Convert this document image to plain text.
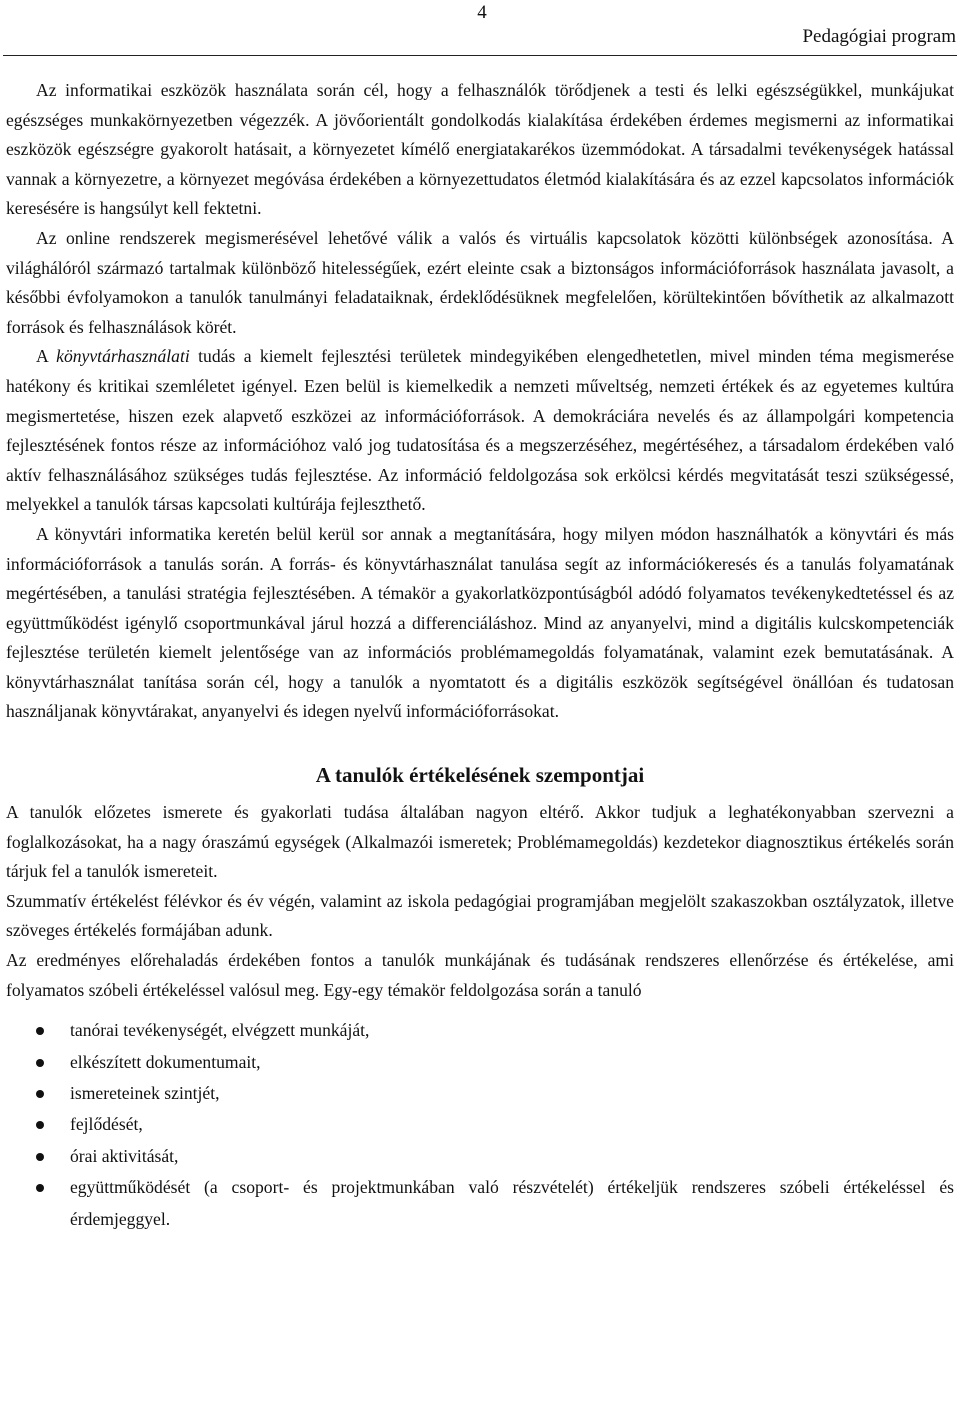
4
Pedagógiai program

Az informatikai eszközök használata során cél, hogy a felhasználók törődjenek a testi és lelki egészségükkel, munkájukat egészséges munkakörnyezetben végezzék. A jövőorientált gondolkodás kialakítása érdekében érdemes megismerni az informatikai eszközök egészségre gyakorolt hatásait, a környezetet kímélő energiatakarékos üzemmódokat. A társadalmi tevékenységek hatással vannak a környezetre, a környezet megóvása érdekében a környezettudatos életmód kialakítására és az ezzel kapcsolatos információk keresésére is hangsúlyt kell fektetni.

Az online rendszerek megismerésével lehetővé válik a valós és virtuális kapcsolatok közötti különbségek azonosítása. A világhálóról származó tartalmak különböző hitelességűek, ezért eleinte csak a biztonságos információforrások használata javasolt, a későbbi évfolyamokon a tanulók tanulmányi feladataiknak, érdeklődésüknek megfelelően, körültekintően bővíthetik az alkalmazott források és felhasználások körét.

A könyvtárhasználati tudás a kiemelt fejlesztési területek mindegyikében elengedhetetlen, mivel minden téma megismerése hatékony és kritikai szemléletet igényel. Ezen belül is kiemelkedik a nemzeti műveltség, nemzeti értékek és az egyetemes kultúra megismertetése, hiszen ezek alapvető eszközei az információforrások. A demokráciára nevelés és az állampolgári kompetencia fejlesztésének fontos része az információhoz való jog tudatosítása és a megszerzéséhez, megértéséhez, a társadalom érdekében való aktív felhasználásához szükséges tudás fejlesztése. Az információ feldolgozása sok erkölcsi kérdés megvitatását teszi szükségessé, melyekkel a tanulók társas kapcsolati kultúrája fejleszthető.

A könyvtári informatika keretén belül kerül sor annak a megtanítására, hogy milyen módon használhatók a könyvtári és más információforrások a tanulás során. A forrás- és könyvtárhasználat tanulása segít az információkeresés és a tanulás folyamatának megértésében, a tanulási stratégia fejlesztésében. A témakör a gyakorlatközpontúságból adódó folyamatos tevékenykedtetéssel és az együttműködést igénylő csoportmunkával járul hozzá a differenciáláshoz. Mind az anyanyelvi, mind a digitális kulcskompetenciák fejlesztése területén kiemelt jelentősége van az információs problémamegoldás folyamatának, valamint ezek bemutatásának. A könyvtárhasználat tanítása során cél, hogy a tanulók a nyomtatott és a digitális eszközök segítségével önállóan és tudatosan használjanak könyvtárakat, anyanyelvi és idegen nyelvű információforrásokat.

A tanulók értékelésének szempontjai

A tanulók előzetes ismerete és gyakorlati tudása általában nagyon eltérő. Akkor tudjuk a leghatékonyabban szervezni a foglalkozásokat, ha a nagy óraszámú egységek (Alkalmazói ismeretek; Problémamegoldás) kezdetekor diagnosztikus értékelés során tárjuk fel a tanulók ismereteit.

Szummatív értékelést félévkor és év végén, valamint az iskola pedagógiai programjában megjelölt szakaszokban osztályzatok, illetve szöveges értékelés formájában adunk.

Az eredményes előrehaladás érdekében fontos a tanulók munkájának és tudásának rendszeres ellenőrzése és értékelése, ami folyamatos szóbeli értékeléssel valósul meg. Egy-egy témakör feldolgozása során a tanuló

tanórai tevékenységét, elvégzett munkáját,
elkészített dokumentumait,
ismereteinek szintjét,
fejlődését,
órai aktivitását,
együttműködését (a csoport- és projektmunkában való részvételét) értékeljük rendszeres szóbeli értékeléssel és érdemjeggyel.
